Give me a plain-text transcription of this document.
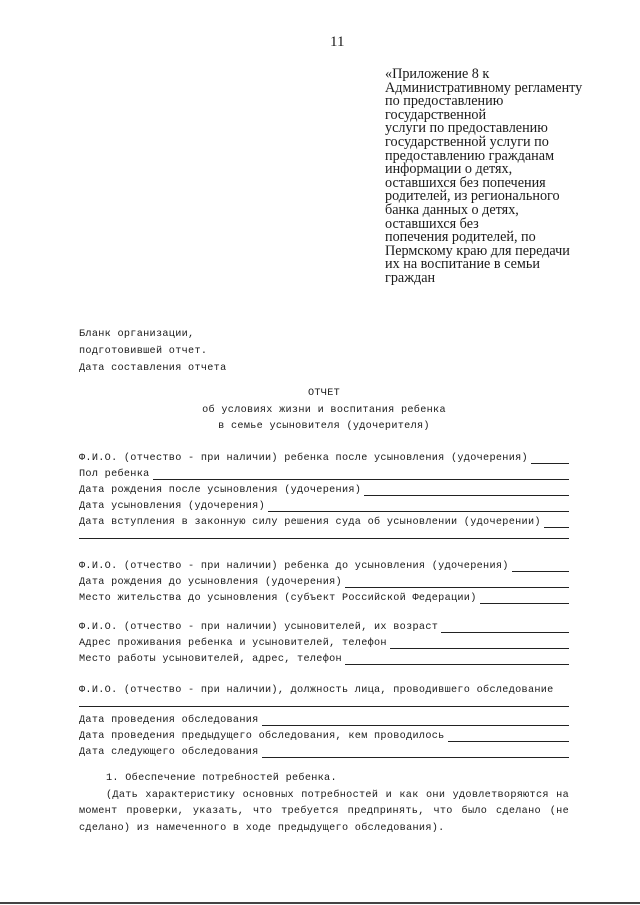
11
«Приложение 8 к
Административному регламенту
по предоставлению
государственной
услуги по предоставлению
государственной услуги по
предоставлению гражданам
информации о детях,
оставшихся без попечения
родителей, из регионального
банка данных о детях,
оставшихся без
попечения родителей, по
Пермскому краю для передачи
их на воспитание в семьи
граждан
Бланк организации,
подготовившей отчет.
Дата составления отчета
ОТЧЕТ
об условиях жизни и воспитания ребенка
в семье усыновителя (удочерителя)
Ф.И.О. (отчество - при наличии) ребенка после усыновления (удочерения)
Пол ребенка
Дата рождения после усыновления (удочерения)
Дата усыновления (удочерения)
Дата вступления в законную силу решения суда об усыновлении (удочерении)
Ф.И.О. (отчество - при наличии) ребенка до усыновления (удочерения)
Дата рождения до усыновления (удочерения)
Место жительства до усыновления (субъект Российской Федерации)
Ф.И.О. (отчество - при наличии) усыновителей, их возраст
Адрес проживания ребенка и усыновителей, телефон
Место работы усыновителей, адрес, телефон
Ф.И.О. (отчество - при наличии), должность лица, проводившего обследование
Дата проведения обследования
Дата проведения предыдущего обследования, кем проводилось
Дата следующего обследования
1. Обеспечение потребностей ребенка.
(Дать характеристику основных потребностей и как они удовлетворяются на момент проверки, указать, что требуется предпринять, что было сделано (не сделано) из намеченного в ходе предыдущего обследования).
